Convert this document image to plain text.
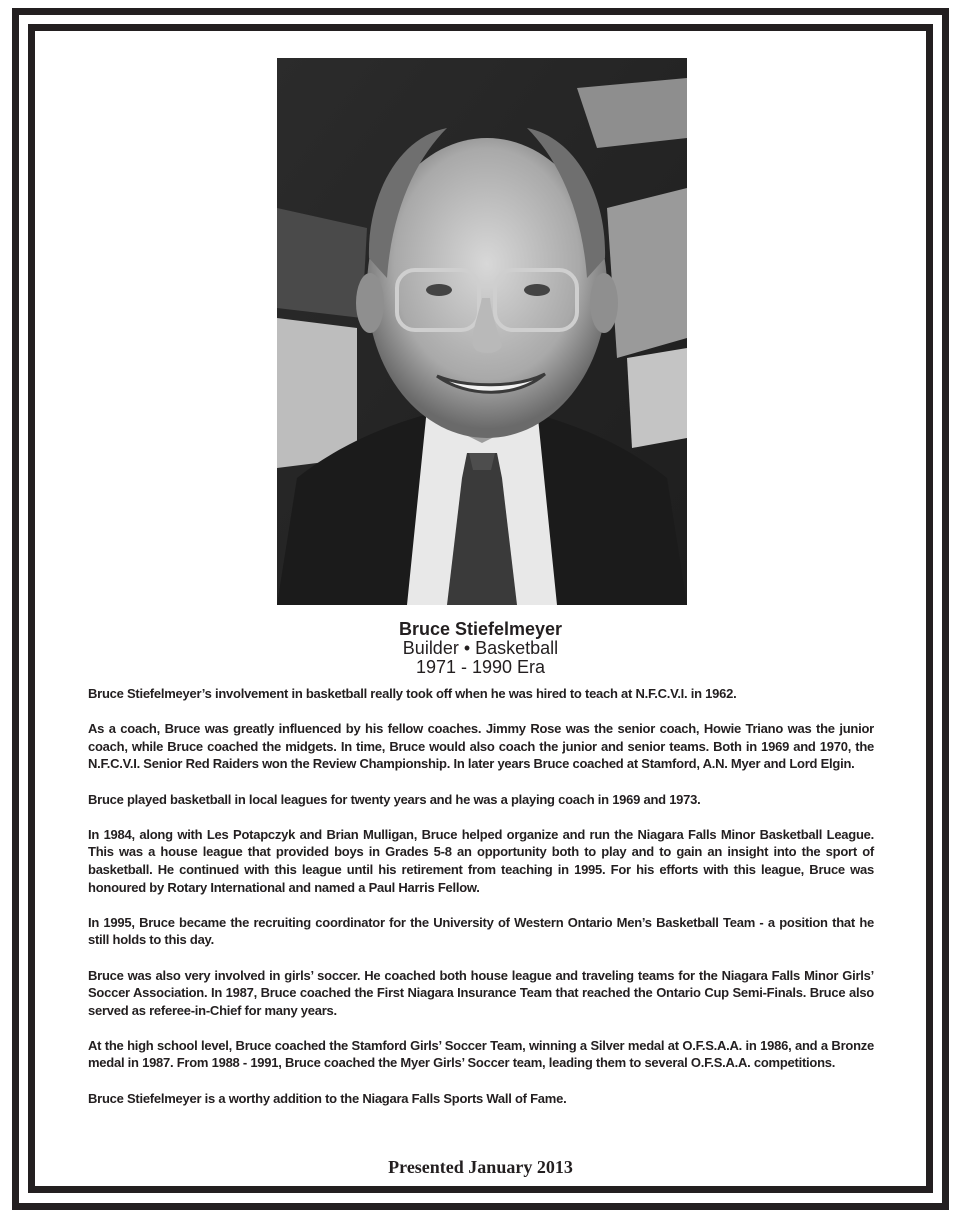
Bruce Stiefelmeyer
Builder • Basketball
1971 - 1990 Era

Bruce Stiefelmeyer’s involvement in basketball really took off when he was hired to teach at N.F.C.V.I. in 1962.

As a coach, Bruce was greatly influenced by his fellow coaches. Jimmy Rose was the senior coach, Howie Triano was the junior coach, while Bruce coached the midgets. In time, Bruce would also coach the junior and senior teams. Both in 1969 and 1970, the N.F.C.V.I. Senior Red Raiders won the Review Championship. In later years Bruce coached at Stamford, A.N. Myer and Lord Elgin.

Bruce played basketball in local leagues for twenty years and he was a playing coach in 1969 and 1973.

In 1984, along with Les Potapczyk and Brian Mulligan, Bruce helped organize and run the Niagara Falls Minor Basketball League. This was a house league that provided boys in Grades 5-8 an opportunity both to play and to gain an insight into the sport of basketball. He continued with this league until his retirement from teaching in 1995. For his efforts with this league, Bruce was honoured by Rotary International and named a Paul Harris Fellow.

In 1995, Bruce became the recruiting coordinator for the University of Western Ontario Men’s Basketball Team - a position that he still holds to this day.

Bruce was also very involved in girls’ soccer. He coached both house league and traveling teams for the Niagara Falls Minor Girls’ Soccer Association. In 1987, Bruce coached the First Niagara Insurance Team that reached the Ontario Cup Semi-Finals. Bruce also served as referee-in-Chief for many years.

At the high school level, Bruce coached the Stamford Girls’ Soccer Team, winning a Silver medal at O.F.S.A.A. in 1986, and a Bronze medal in 1987. From 1988 - 1991, Bruce coached the Myer Girls’ Soccer team, leading them to several O.F.S.A.A. competitions.

Bruce Stiefelmeyer is a worthy addition to the Niagara Falls Sports Wall of Fame.

Presented January 2013
